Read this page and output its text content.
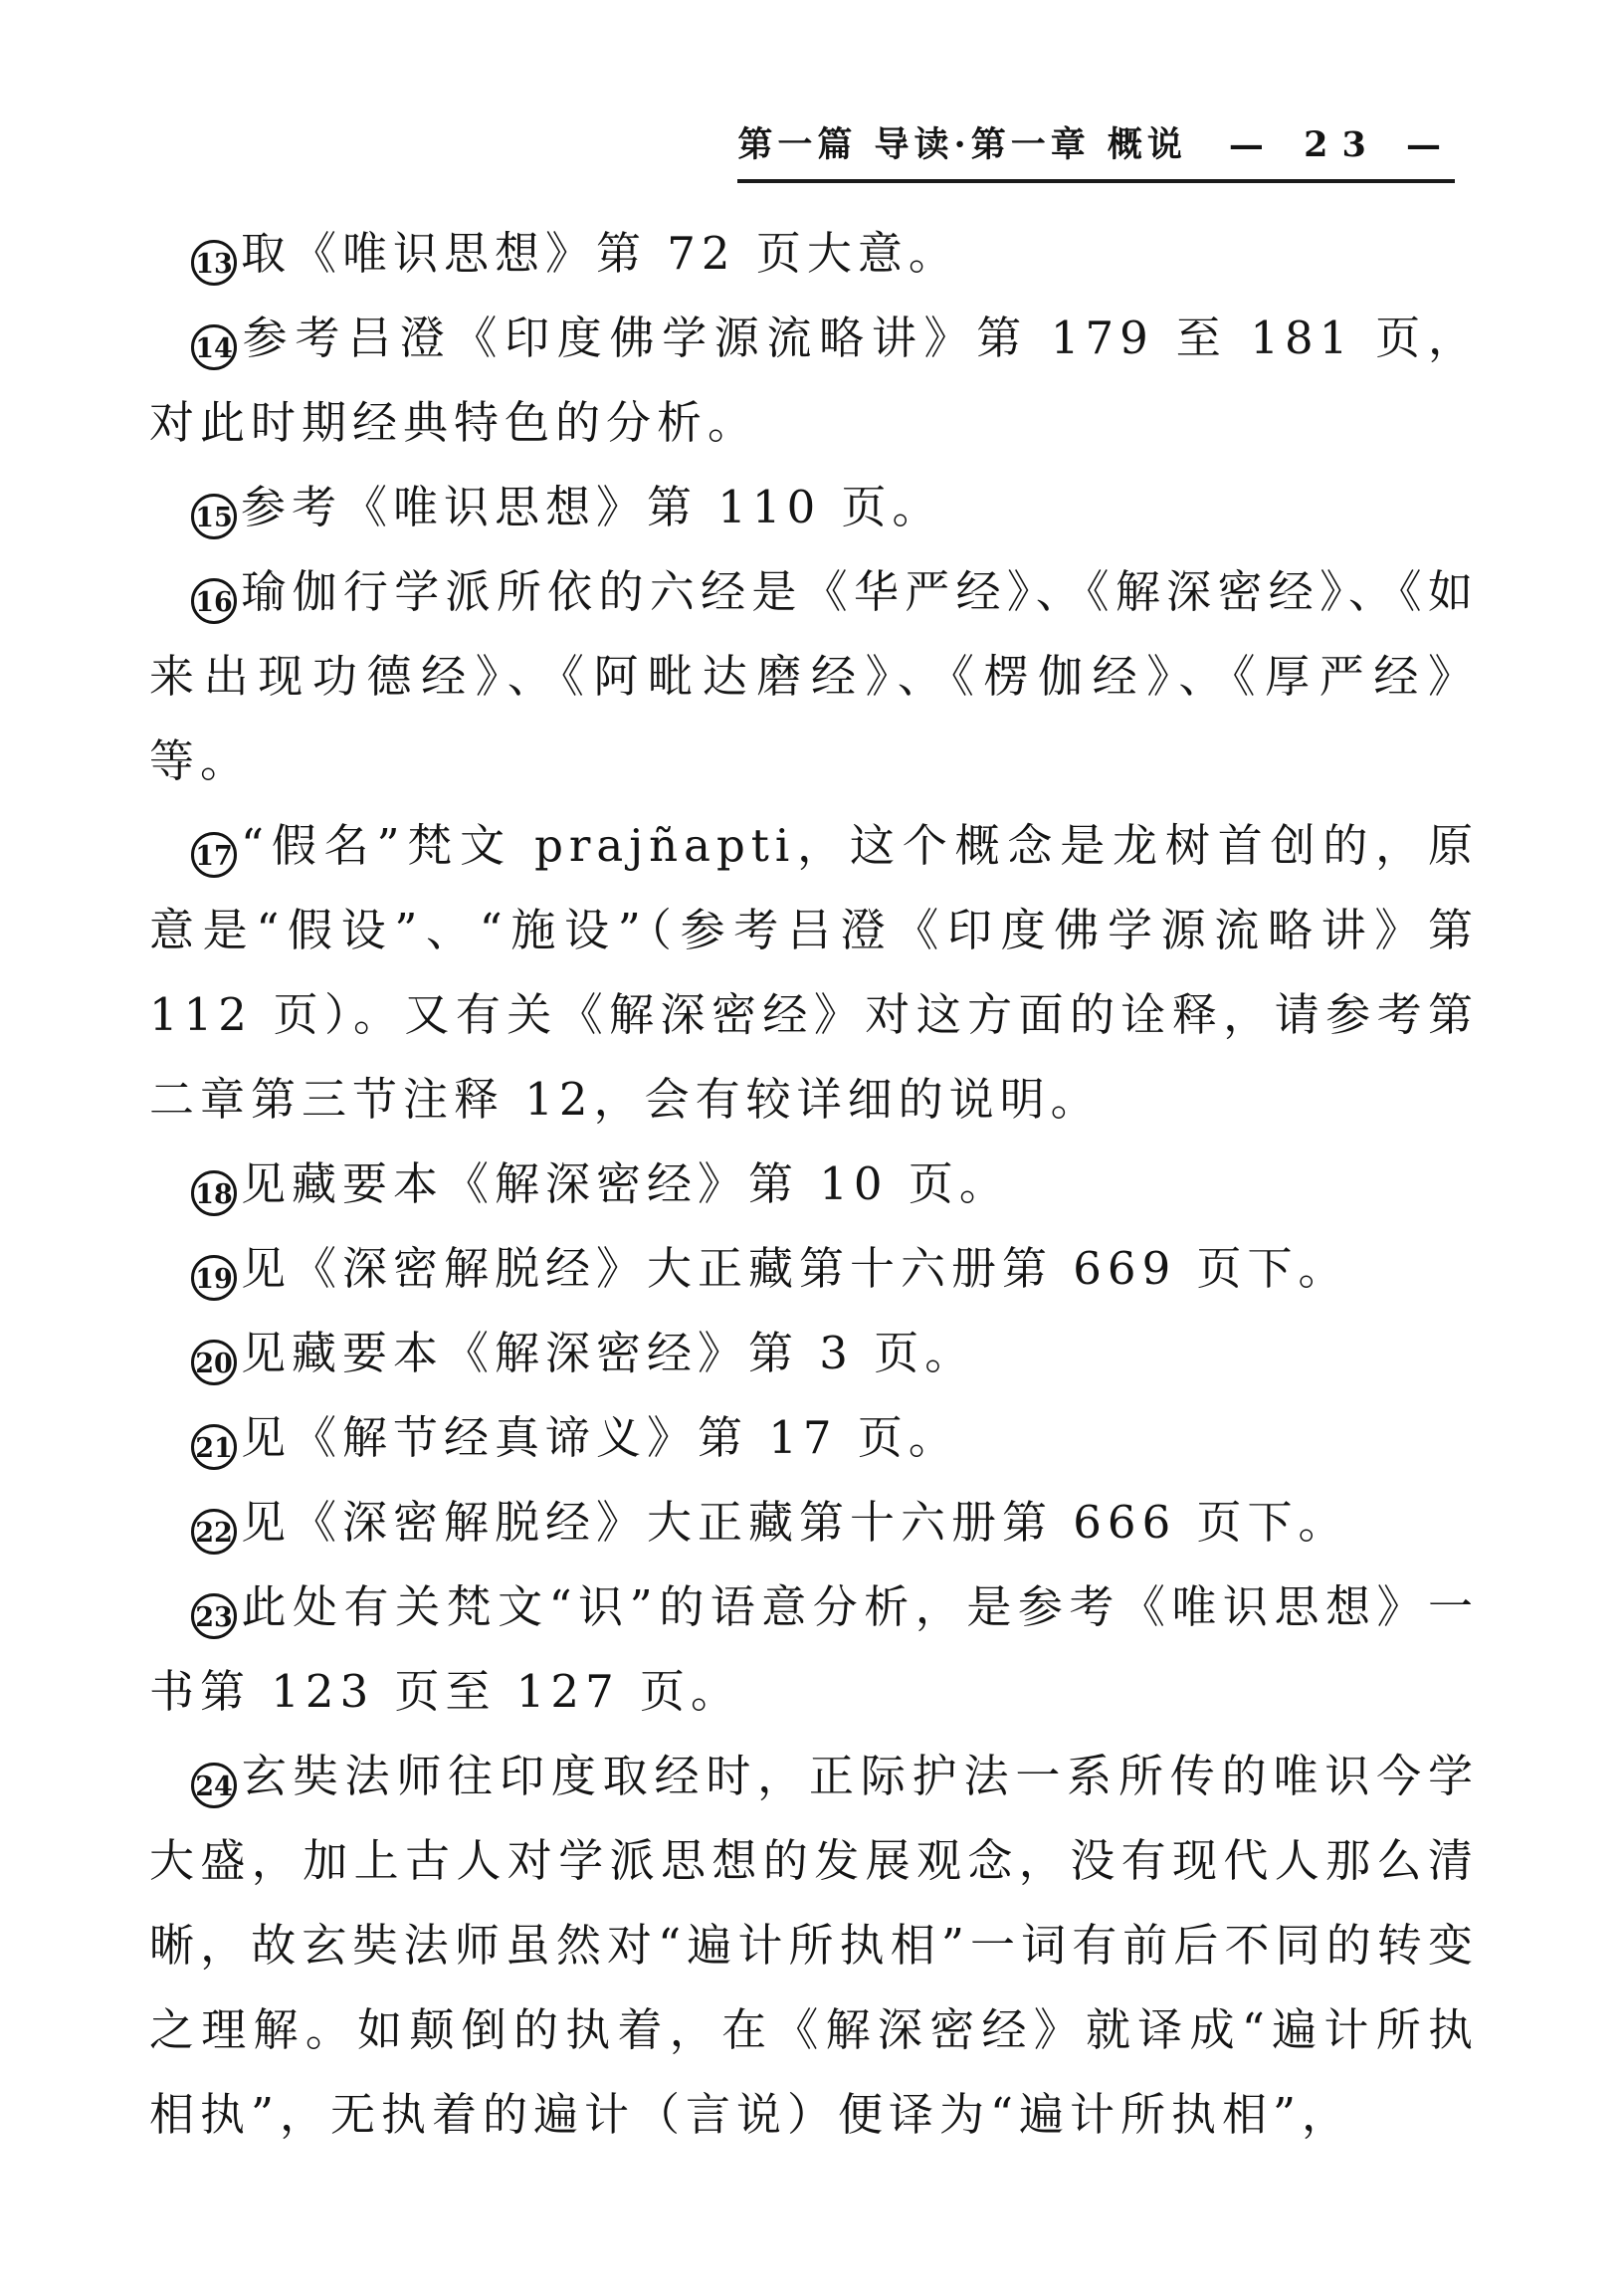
第一篇 导读·第一章 概说 — 23 —

13 取《唯识思想》第 72 页大意。

14 参考吕澄《印度佛学源流略讲》第 179 至 181 页，对此时期经典特色的分析。

15 参考《唯识思想》第 110 页。

16 瑜伽行学派所依的六经是《华严经》、《解深密经》、《如来出现功德经》、《阿毗达磨经》、《楞伽经》、《厚严经》等。

17 “假名”梵文 prajñapti，这个概念是龙树首创的，原意是“假设”、“施设”（参考吕澄《印度佛学源流略讲》第 112 页）。又有关《解深密经》对这方面的诠释，请参考第二章第三节注释 12，会有较详细的说明。

18 见藏要本《解深密经》第 10 页。

19 见《深密解脱经》大正藏第十六册第 669 页下。

20 见藏要本《解深密经》第 3 页。

21 见《解节经真谛义》第 17 页。

22 见《深密解脱经》大正藏第十六册第 666 页下。

23 此处有关梵文“识”的语意分析，是参考《唯识思想》一书第 123 页至 127 页。

24 玄奘法师往印度取经时，正际护法一系所传的唯识今学大盛，加上古人对学派思想的发展观念，没有现代人那么清晰，故玄奘法师虽然对“遍计所执相”一词有前后不同的转变之理解。如颠倒的执着，在《解深密经》就译成“遍计所执相执”，无执着的遍计（言说）便译为“遍计所执相”，
